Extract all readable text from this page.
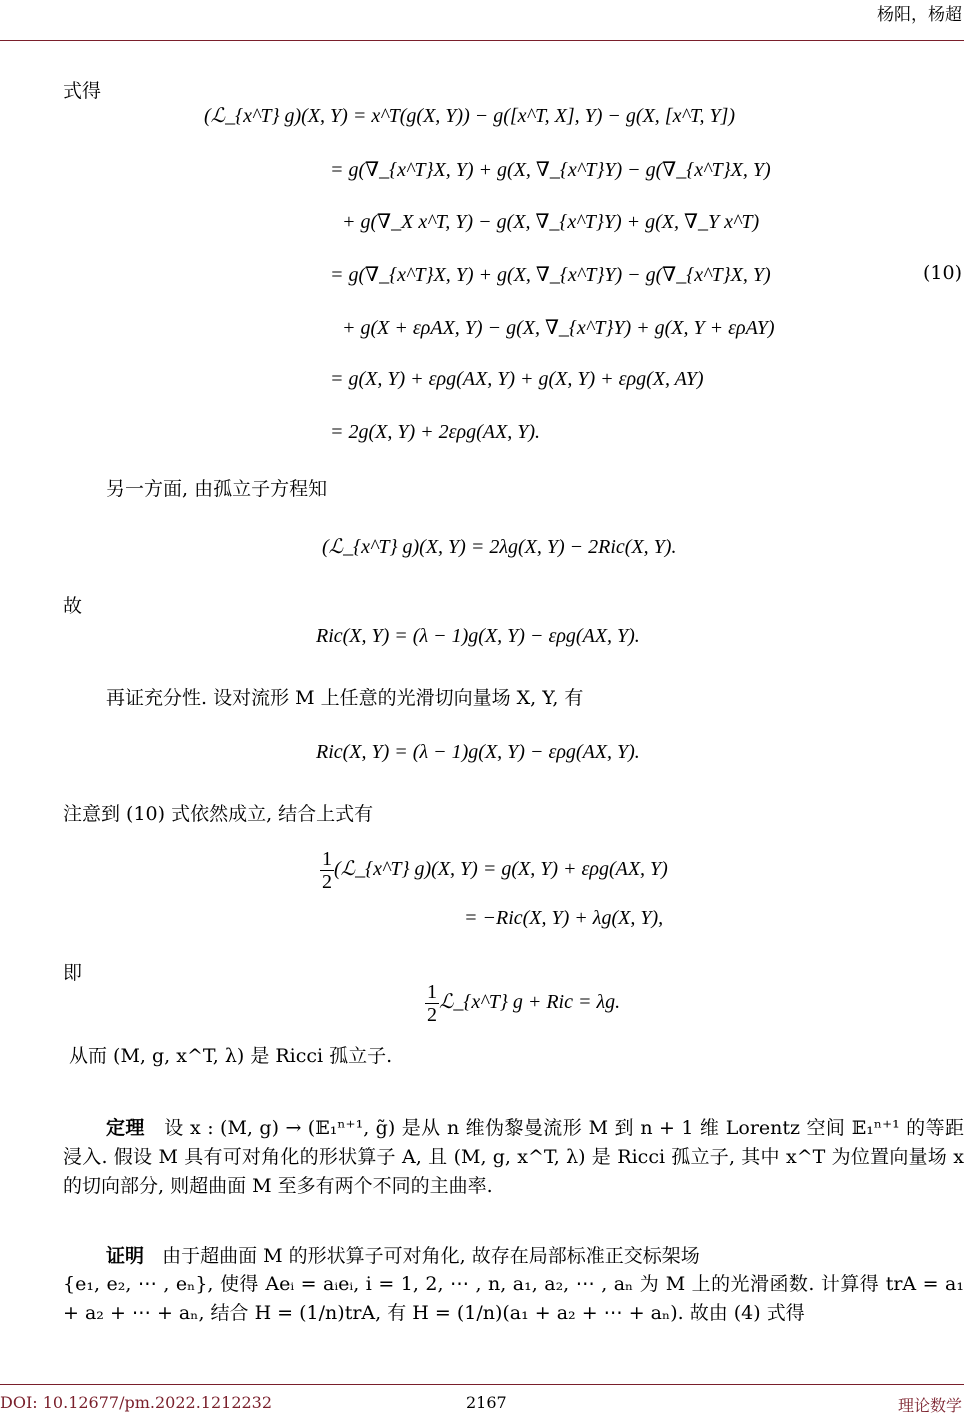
杨阳，杨超
式得
(ℒ_{x^T} g)(X, Y) = x^T(g(X, Y)) − g([x^T, X], Y) − g(X, [x^T, Y])
= g(∇_{x^T}X, Y) + g(X, ∇_{x^T}Y) − g(∇_{x^T}X, Y)
+ g(∇_X x^T, Y) − g(X, ∇_{x^T}Y) + g(X, ∇_Y x^T)
= g(∇_{x^T}X, Y) + g(X, ∇_{x^T}Y) − g(∇_{x^T}X, Y)	(10)
+ g(X + ερAX, Y) − g(X, ∇_{x^T}Y) + g(X, Y + ερAY)
= g(X, Y) + ερg(AX, Y) + g(X, Y) + ερg(X, AY)
= 2g(X, Y) + 2ερg(AX, Y).
另一方面, 由孤立子方程知
(ℒ_{x^T} g)(X, Y) = 2λg(X, Y) − 2Ric(X, Y).
故
Ric(X, Y) = (λ − 1)g(X, Y) − ερg(AX, Y).
再证充分性. 设对流形 M 上任意的光滑切向量场 X, Y, 有
Ric(X, Y) = (λ − 1)g(X, Y) − ερg(AX, Y).
注意到 (10) 式依然成立, 结合上式有
$\frac{1}{2}$ (ℒ_{x^T} g)(X, Y) = g(X, Y) + ερg(AX, Y)
= −Ric(X, Y) + λg(X, Y),
即
$\frac{1}{2}$ ℒ_{x^T} g + Ric = λg.
从而 (M, g, x^T, λ) 是 Ricci 孤立子.
定理 设 x : (M, g) → (𝔼₁ⁿ⁺¹, g̃) 是从 n 维伪黎曼流形 M 到 n + 1 维 Lorentz 空间 𝔼₁ⁿ⁺¹ 的等距浸入. 假设 M 具有可对角化的形状算子 A, 且 (M, g, x^T, λ) 是 Ricci 孤立子, 其中 x^T 为位置向量场 x 的切向部分, 则超曲面 M 至多有两个不同的主曲率.
证明 由于超曲面 M 的形状算子可对角化, 故存在局部标准正交标架场
{e₁, e₂, ⋯ , eₙ}, 使得 Aeᵢ = aᵢeᵢ, i = 1, 2, ⋯ , n, a₁, a₂, ⋯ , aₙ 为 M 上的光滑函数. 计算得 trA = a₁ + a₂ + ⋯ + aₙ, 结合 H = (1/n)trA, 有 H = (1/n)(a₁ + a₂ + ⋯ + aₙ). 故由 (4) 式得
DOI: 10.12677/pm.2022.1212232	2167	理论数学
